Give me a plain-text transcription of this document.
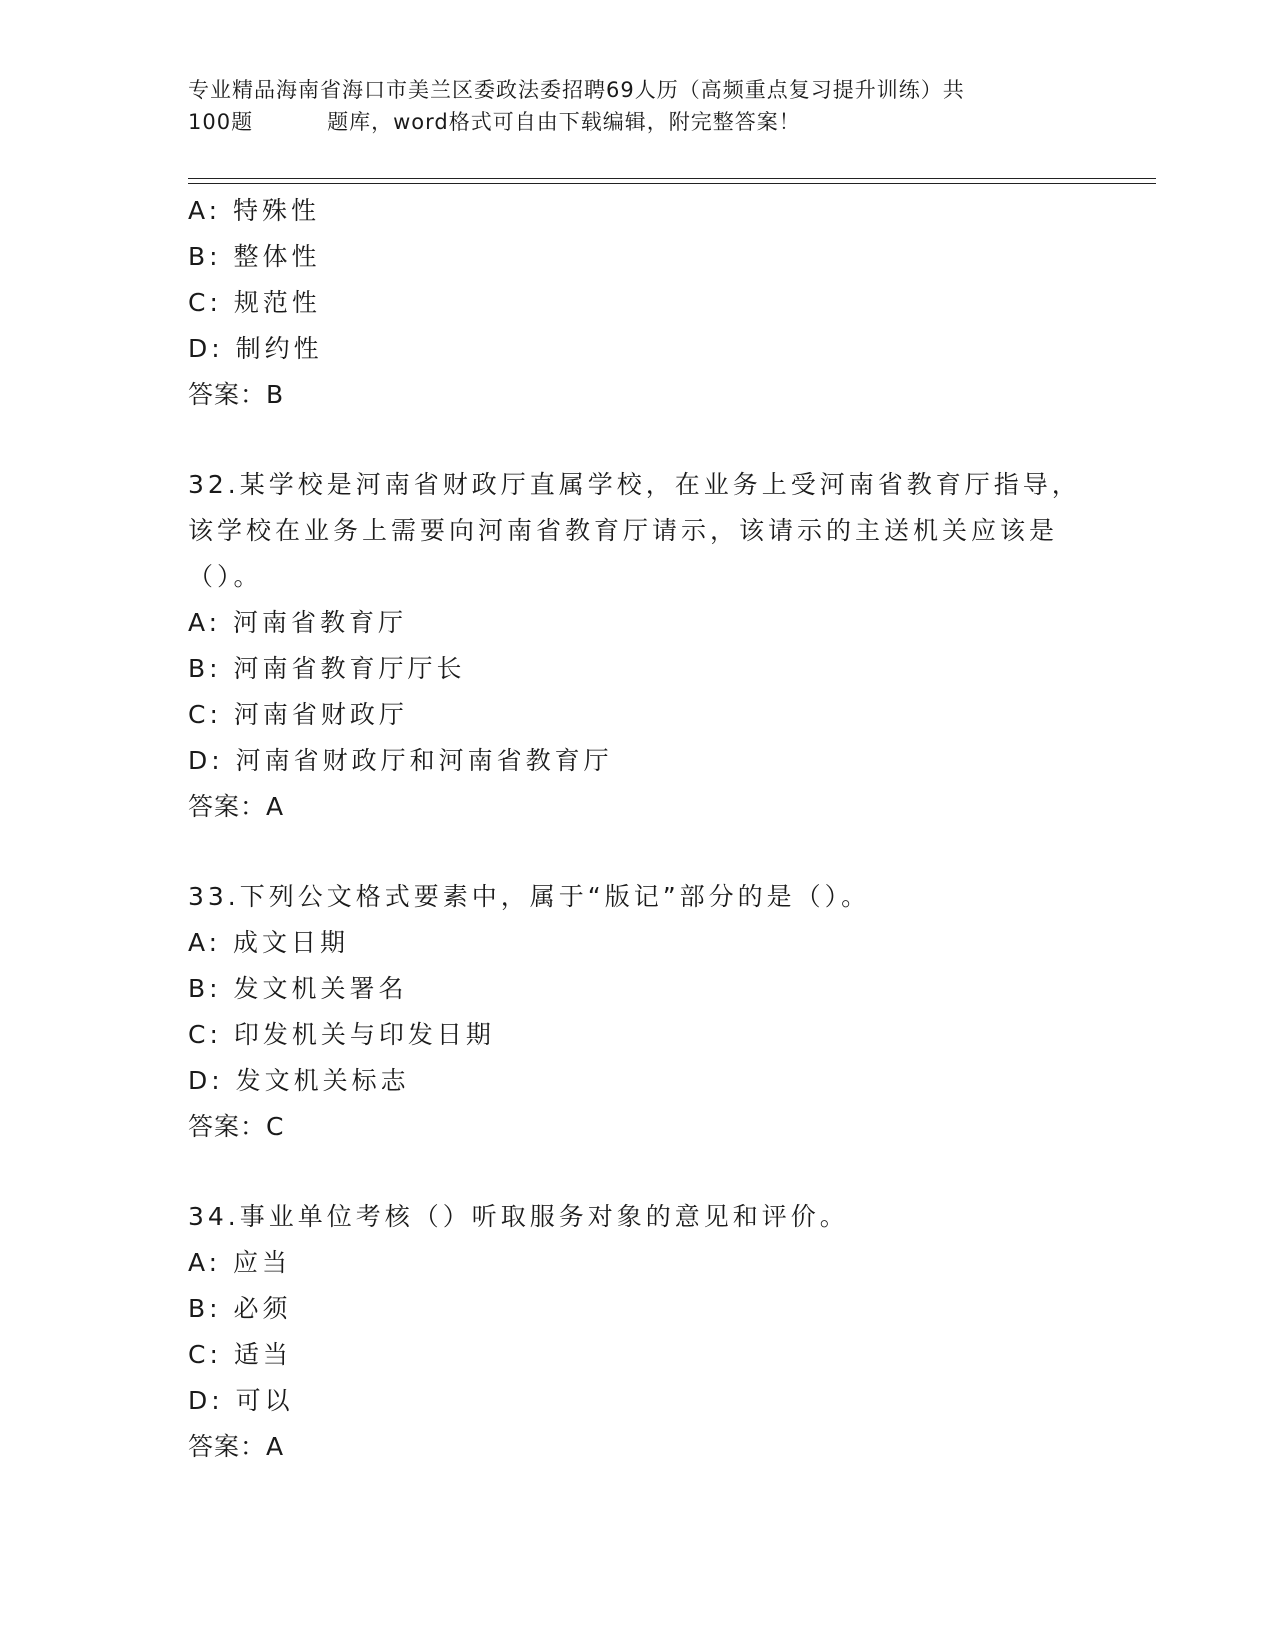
专业精品海南省海口市美兰区委政法委招聘69人历（高频重点复习提升训练）共
100题	题库，word格式可自由下载编辑，附完整答案！
A: 特殊性
B: 整体性
C: 规范性
D: 制约性
答案：B
32.某学校是河南省财政厅直属学校，在业务上受河南省教育厅指导，
该学校在业务上需要向河南省教育厅请示，该请示的主送机关应该是
（）。
A: 河南省教育厅
B: 河南省教育厅厅长
C: 河南省财政厅
D: 河南省财政厅和河南省教育厅
答案：A
33.下列公文格式要素中，属于“版记”部分的是（）。
A: 成文日期
B: 发文机关署名
C: 印发机关与印发日期
D: 发文机关标志
答案：C
34.事业单位考核（）听取服务对象的意见和评价。
A: 应当
B: 必须
C: 适当
D: 可以
答案：A
